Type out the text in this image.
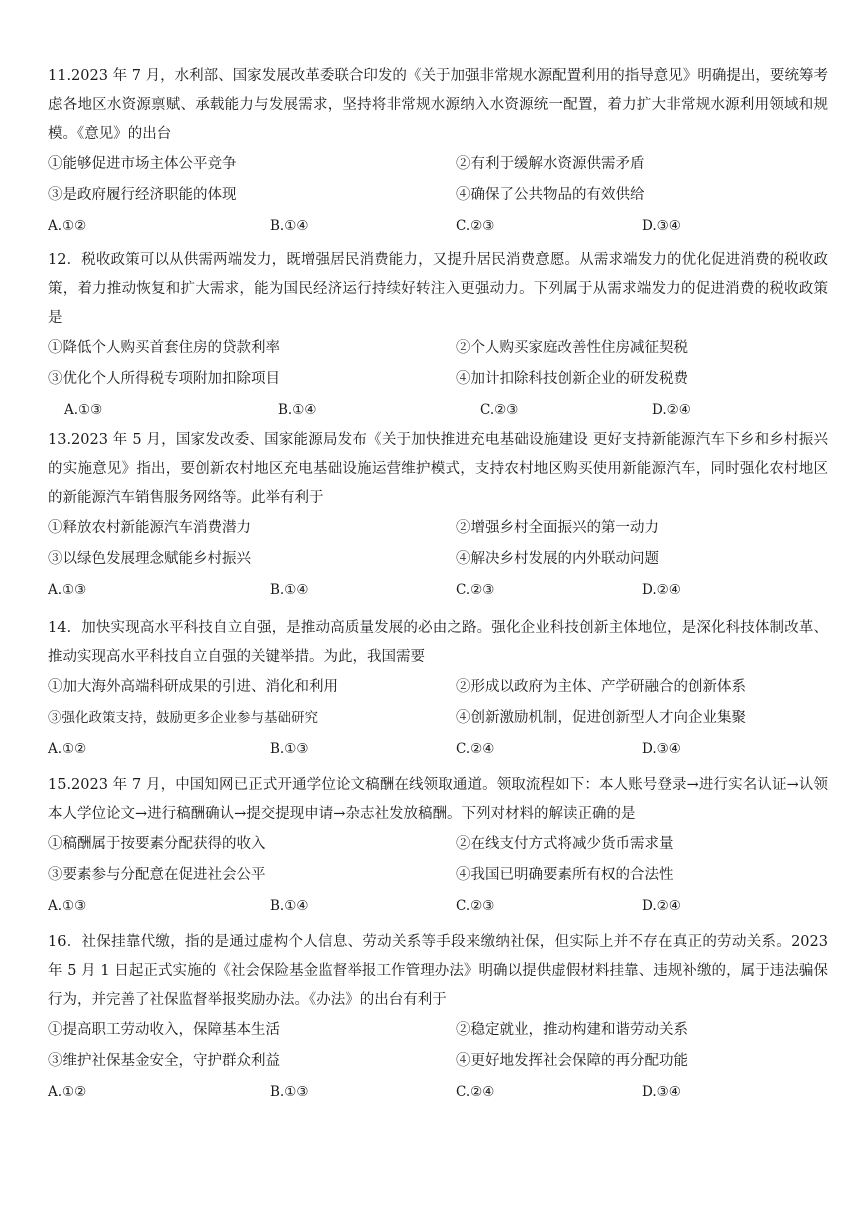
11.2023 年 7 月，水利部、国家发展改革委联合印发的《关于加强非常规水源配置利用的指导意见》明确提出，要统筹考虑各地区水资源禀赋、承载能力与发展需求，坚持将非常规水源纳入水资源统一配置，着力扩大非常规水源利用领域和规模。《意见》的出台

①能够促进市场主体公平竞争	②有利于缓解水资源供需矛盾
③是政府履行经济职能的体现	④确保了公共物品的有效供给
A.①②	B.①④	C.②③	D.③④

12．税收政策可以从供需两端发力，既增强居民消费能力，又提升居民消费意愿。从需求端发力的优化促进消费的税收政策，着力推动恢复和扩大需求，能为国民经济运行持续好转注入更强动力。下列属于从需求端发力的促进消费的税收政策是

①降低个人购买首套住房的贷款利率	②个人购买家庭改善性住房减征契税
③优化个人所得税专项附加扣除项目	④加计扣除科技创新企业的研发税费
A.①③	B.①④	C.②③	D.②④

13.2023 年 5 月，国家发改委、国家能源局发布《关于加快推进充电基础设施建设 更好支持新能源汽车下乡和乡村振兴的实施意见》指出，要创新农村地区充电基础设施运营维护模式，支持农村地区购买使用新能源汽车，同时强化农村地区的新能源汽车销售服务网络等。此举有利于

①释放农村新能源汽车消费潜力	②增强乡村全面振兴的第一动力
③以绿色发展理念赋能乡村振兴	④解决乡村发展的内外联动问题
A.①③	B.①④	C.②③	D.②④

14．加快实现高水平科技自立自强，是推动高质量发展的必由之路。强化企业科技创新主体地位，是深化科技体制改革、推动实现高水平科技自立自强的关键举措。为此，我国需要

①加大海外高端科研成果的引进、消化和利用	②形成以政府为主体、产学研融合的创新体系
③强化政策支持，鼓励更多企业参与基础研究	④创新激励机制，促进创新型人才向企业集聚
A.①②	B.①③	C.②④	D.③④

15.2023 年 7 月，中国知网已正式开通学位论文稿酬在线领取通道。领取流程如下：本人账号登录→进行实名认证→认领本人学位论文→进行稿酬确认→提交提现申请→杂志社发放稿酬。下列对材料的解读正确的是

①稿酬属于按要素分配获得的收入	②在线支付方式将减少货币需求量
③要素参与分配意在促进社会公平	④我国已明确要素所有权的合法性
A.①③	B.①④	C.②③	D.②④

16．社保挂靠代缴，指的是通过虚构个人信息、劳动关系等手段来缴纳社保，但实际上并不存在真正的劳动关系。2023 年 5 月 1 日起正式实施的《社会保险基金监督举报工作管理办法》明确以提供虚假材料挂靠、违规补缴的，属于违法骗保行为，并完善了社保监督举报奖励办法。《办法》的出台有利于

①提高职工劳动收入，保障基本生活	②稳定就业，推动构建和谐劳动关系
③维护社保基金安全，守护群众利益	④更好地发挥社会保障的再分配功能
A.①②	B.①③	C.②④	D.③④
